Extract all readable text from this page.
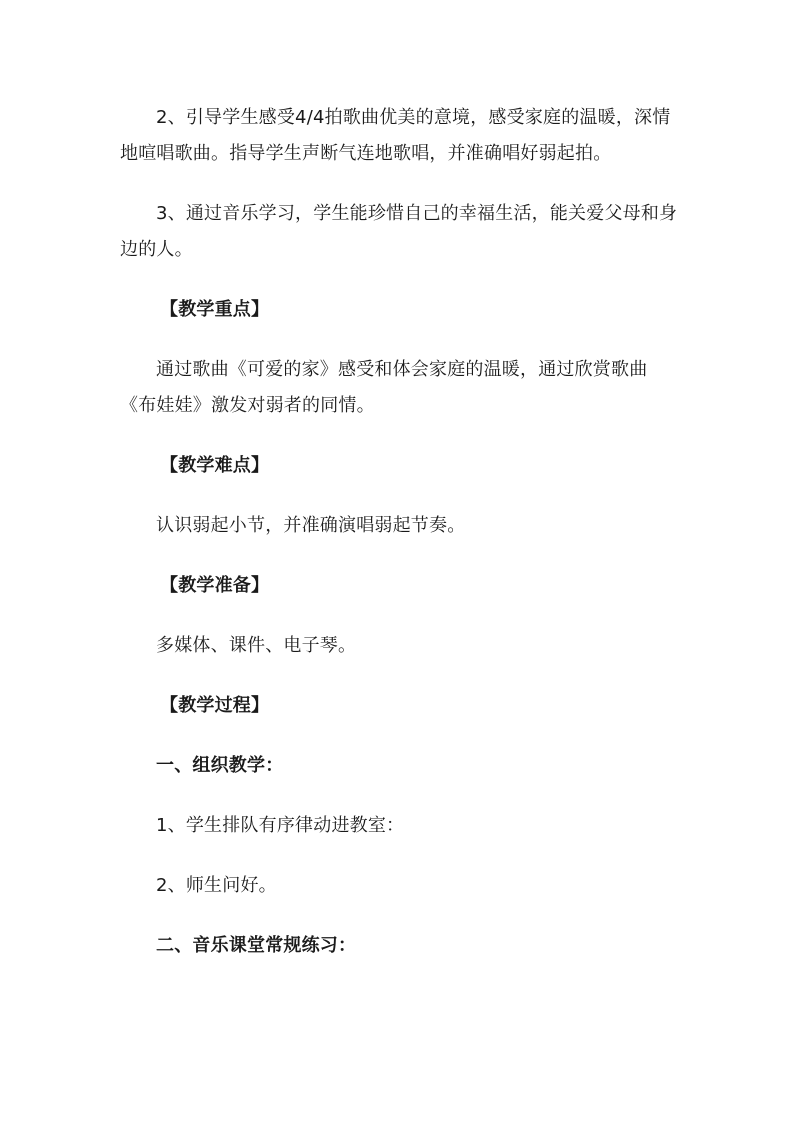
2、引导学生感受4/4拍歌曲优美的意境，感受家庭的温暖，深情地喧唱歌曲。指导学生声断气连地歌唱，并准确唱好弱起拍。

3、通过音乐学习，学生能珍惜自己的幸福生活，能关爱父母和身边的人。

【教学重点】

通过歌曲《可爱的家》感受和体会家庭的温暖，通过欣赏歌曲《布娃娃》激发对弱者的同情。

【教学难点】

认识弱起小节，并准确演唱弱起节奏。

【教学准备】

多媒体、课件、电子琴。

【教学过程】

一、组织教学：

1、学生排队有序律动进教室：

2、师生问好。

二、音乐课堂常规练习：
